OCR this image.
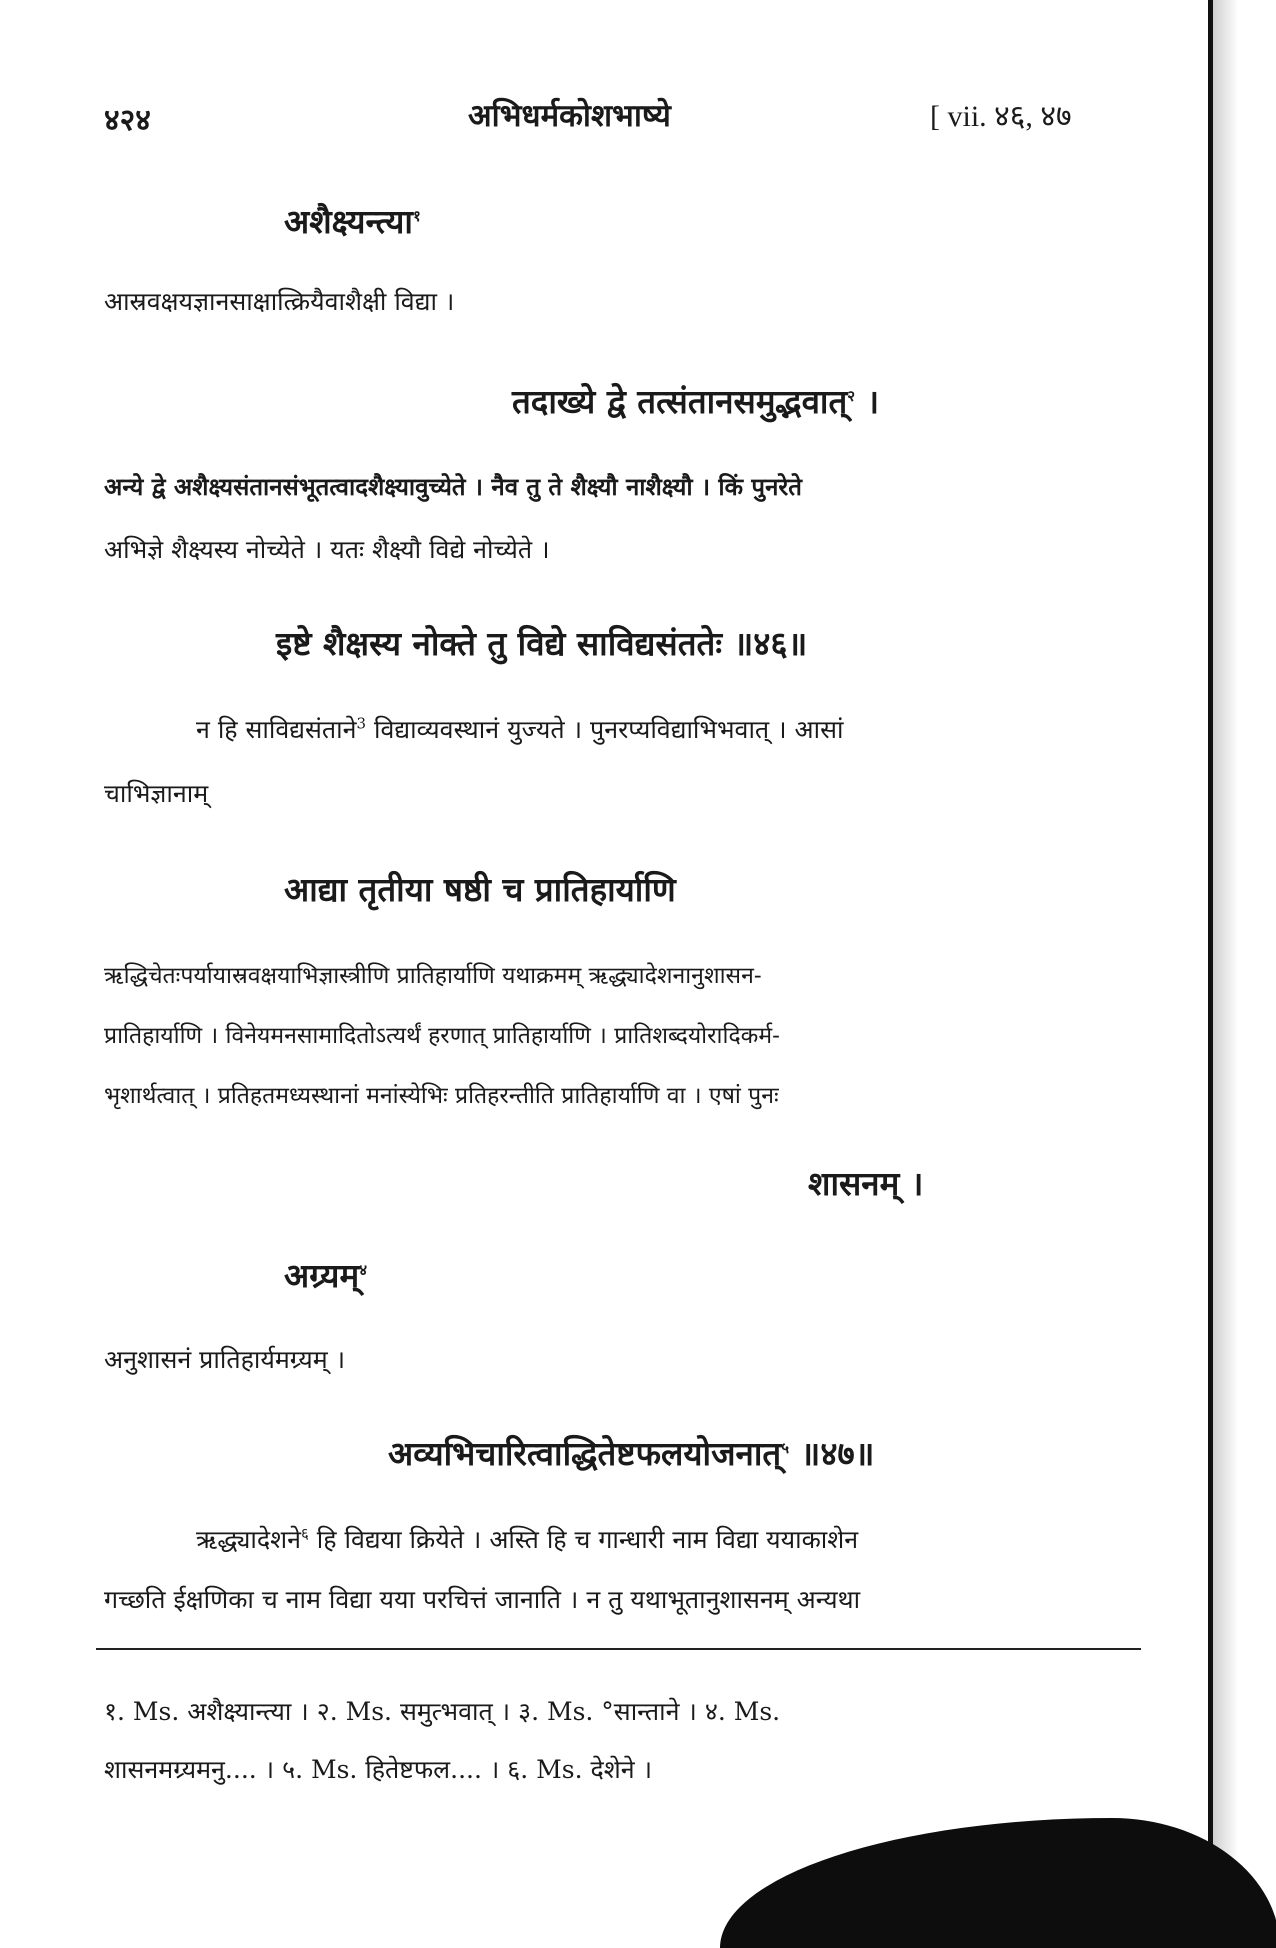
४२४	अभिधर्मकोशभाष्ये	[ vii. ४६, ४७
अशैक्ष्यन्त्या$^१$
आस्रवक्षयज्ञानसाक्षात्क्रियैवाशैक्षी विद्या ।
तदाख्ये द्वे तत्संतानसमुद्भवात्$^२$ ।
अन्ये द्वे अशैक्ष्यसंतानसंभूतत्वादशैक्ष्यावुच्येते । नैव तु ते शैक्ष्यौ नाशैक्ष्यौ । किं पुनरेते
अभिज्ञे शैक्ष्यस्य नोच्येते । यतः शैक्ष्यौ विद्ये नोच्येते ।
इष्टे शैक्षस्य नोक्ते तु विद्ये साविद्यसंततेः ॥४६॥
न हि साविद्यसंताने$^3$ विद्याव्यवस्थानं युज्यते । पुनरप्यविद्याभिभवात् । आसां
चाभिज्ञानाम्
आद्या तृतीया षष्ठी च प्रातिहार्याणि
ऋद्धिचेतःपर्यायास्रवक्षयाभिज्ञास्त्रीणि प्रातिहार्याणि यथाक्रमम् ऋद्ध्यादेशनानुशासन-
प्रातिहार्याणि । विनेयमनसामादितोऽत्यर्थं हरणात् प्रातिहार्याणि । प्रातिशब्दयोरादिकर्म-
भृशार्थत्वात् । प्रतिहतमध्यस्थानां मनांस्येभिः प्रतिहरन्तीति प्रातिहार्याणि वा । एषां पुनः
शासनम् ।
अग्र्यम्$^४$
अनुशासनं प्रातिहार्यमग्र्यम् ।
अव्यभिचारित्वाद्धितेष्टफलयोजनात्$^५$ ॥४७॥
ऋद्ध्यादेशने$^६$ हि विद्यया क्रियेते । अस्ति हि च गान्धारी नाम विद्या यया‌काशेन
गच्छति ईक्षणिका च नाम विद्या यया परचित्तं जानाति । न तु यथाभूतानुशासनम् अन्यथा
१. Ms. अशैक्ष्यान्त्या । २. Ms. समुत्भवात् । ३. Ms. °सान्ताने । ४. Ms.
शासनमग्र्यमनु.... । ५. Ms. हितेष्टफल.... । ६. Ms. देशेने ।
